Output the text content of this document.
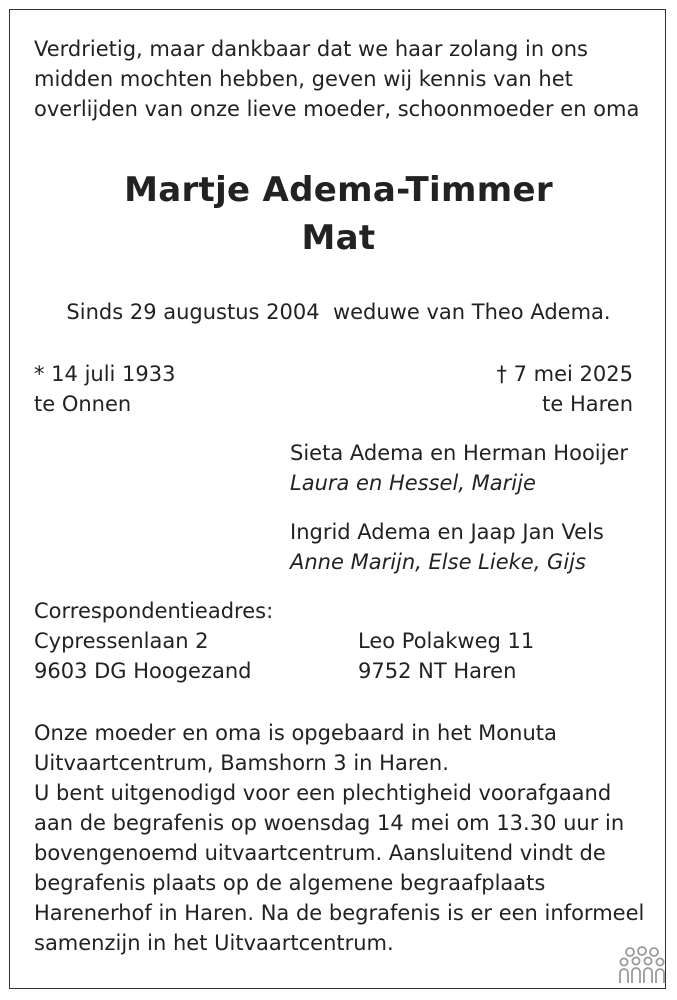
Verdrietig, maar dankbaar dat we haar zolang in ons
midden mochten hebben, geven wij kennis van het
overlijden van onze lieve moeder, schoonmoeder en oma
Martje Adema-Timmer
Mat
Sinds 29 augustus 2004  weduwe van Theo Adema.
* 14 juli 1933
te Onnen
† 7 mei 2025
te Haren
Sieta Adema en Herman Hooijer
Laura en Hessel, Marije
Ingrid Adema en Jaap Jan Vels
Anne Marijn, Else Lieke, Gijs
Correspondentieadres:
Cypressenlaan 2
9603 DG Hoogezand
Leo Polakweg 11
9752 NT Haren
Onze moeder en oma is opgebaard in het Monuta
Uitvaartcentrum, Bamshorn 3 in Haren.
U bent uitgenodigd voor een plechtigheid voorafgaand
aan de begrafenis op woensdag 14 mei om 13.30 uur in
bovengenoemd uitvaartcentrum. Aansluitend vindt de
begrafenis plaats op de algemene begraafplaats
Harenerhof in Haren. Na de begrafenis is er een informeel
samenzijn in het Uitvaartcentrum.
